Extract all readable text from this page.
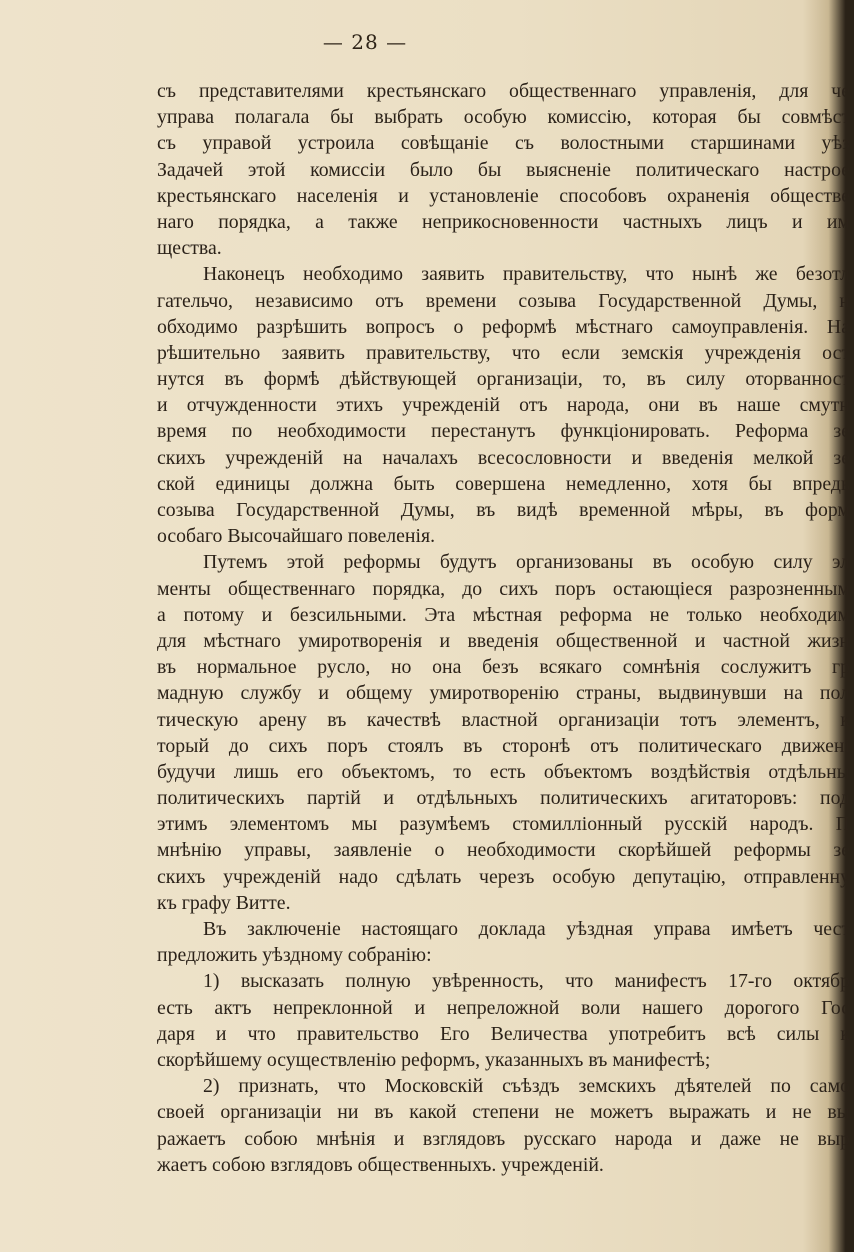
— 28 —
съ представителями крестьянскаго общественнаго управленія, для че
управа полагала бы выбрать особую комиссію, которая бы совмѣст
съ управой устроила совѣщаніе съ волостными старшинами уѣз
Задачей этой комиссіи было бы выясненіе политическаго настрое
крестьянскаго населенія и установленіе способовъ охраненія обществе
наго порядка, а также неприкосновенности частныхъ лицъ и им
щества.
Наконецъ необходимо заявить правительству, что нынѣ же безотл
гательчо, независимо отъ времени созыва Государственной Думы, н
обходимо разрѣшить вопросъ о реформѣ мѣстнаго самоуправленія. На
рѣшительно заявить правительству, что если земскія учрежденія ост
нутся въ формѣ дѣйствующей организаціи, то, въ силу оторванност
и отчужденности этихъ учрежденій отъ народа, они въ наше смутн
время по необходимости перестанутъ функціонировать. Реформа зе
скихъ учрежденій на началахъ всесословности и введенія мелкой зе
ской единицы должна быть совершена немедленно, хотя бы впредь
созыва Государственной Думы, въ видѣ временной мѣры, въ форм
особаго Высочайшаго повеленія.
Путемъ этой реформы будутъ организованы въ особую силу эл
менты общественнаго порядка, до сихъ поръ остающіеся разрозненным
а потому и безсильными. Эта мѣстная реформа не только необходим
для мѣстнаго умиротворенія и введенія общественной и частной жизн
въ нормальное русло, но она безъ всякаго сомнѣнія сослужитъ гр
мадную службу и общему умиротворенію страны, выдвинувши на пол
тическую арену въ качествѣ властной организаціи тотъ элементъ, к
торый до сихъ поръ стоялъ въ сторонѣ отъ политическаго движені
будучи лишь его объектомъ, то есть объектомъ воздѣйствія отдѣльны
политическихъ партій и отдѣльныхъ политическихъ агитаторовъ: под
этимъ элементомъ мы разумѣемъ стомилліонный русскій народъ. П
мнѣнію управы, заявленіе о необходимости скорѣйшей реформы зе
скихъ учрежденій надо сдѣлать черезъ особую депутацію, отправленну
къ графу Витте.
Въ заключеніе настоящаго доклада уѣздная управа имѣетъ чест
предложить уѣздному собранію:
1) высказать полную увѣренность, что манифестъ 17-го октябр
есть актъ непреклонной и непреложной воли нашего дорогого Гос
даря и что правительство Его Величества употребитъ всѣ силы к
скорѣйшему осуществленію реформъ, указанныхъ въ манифестѣ;
2) признать, что Московскій съѣздъ земскихъ дѣятелей по само
своей организаціи ни въ какой степени не можетъ выражать и не вы
ражаетъ собою мнѣнія и взглядовъ русскаго народа и даже не выр
жаетъ собою взглядовъ общественныхъ. учрежденій.
